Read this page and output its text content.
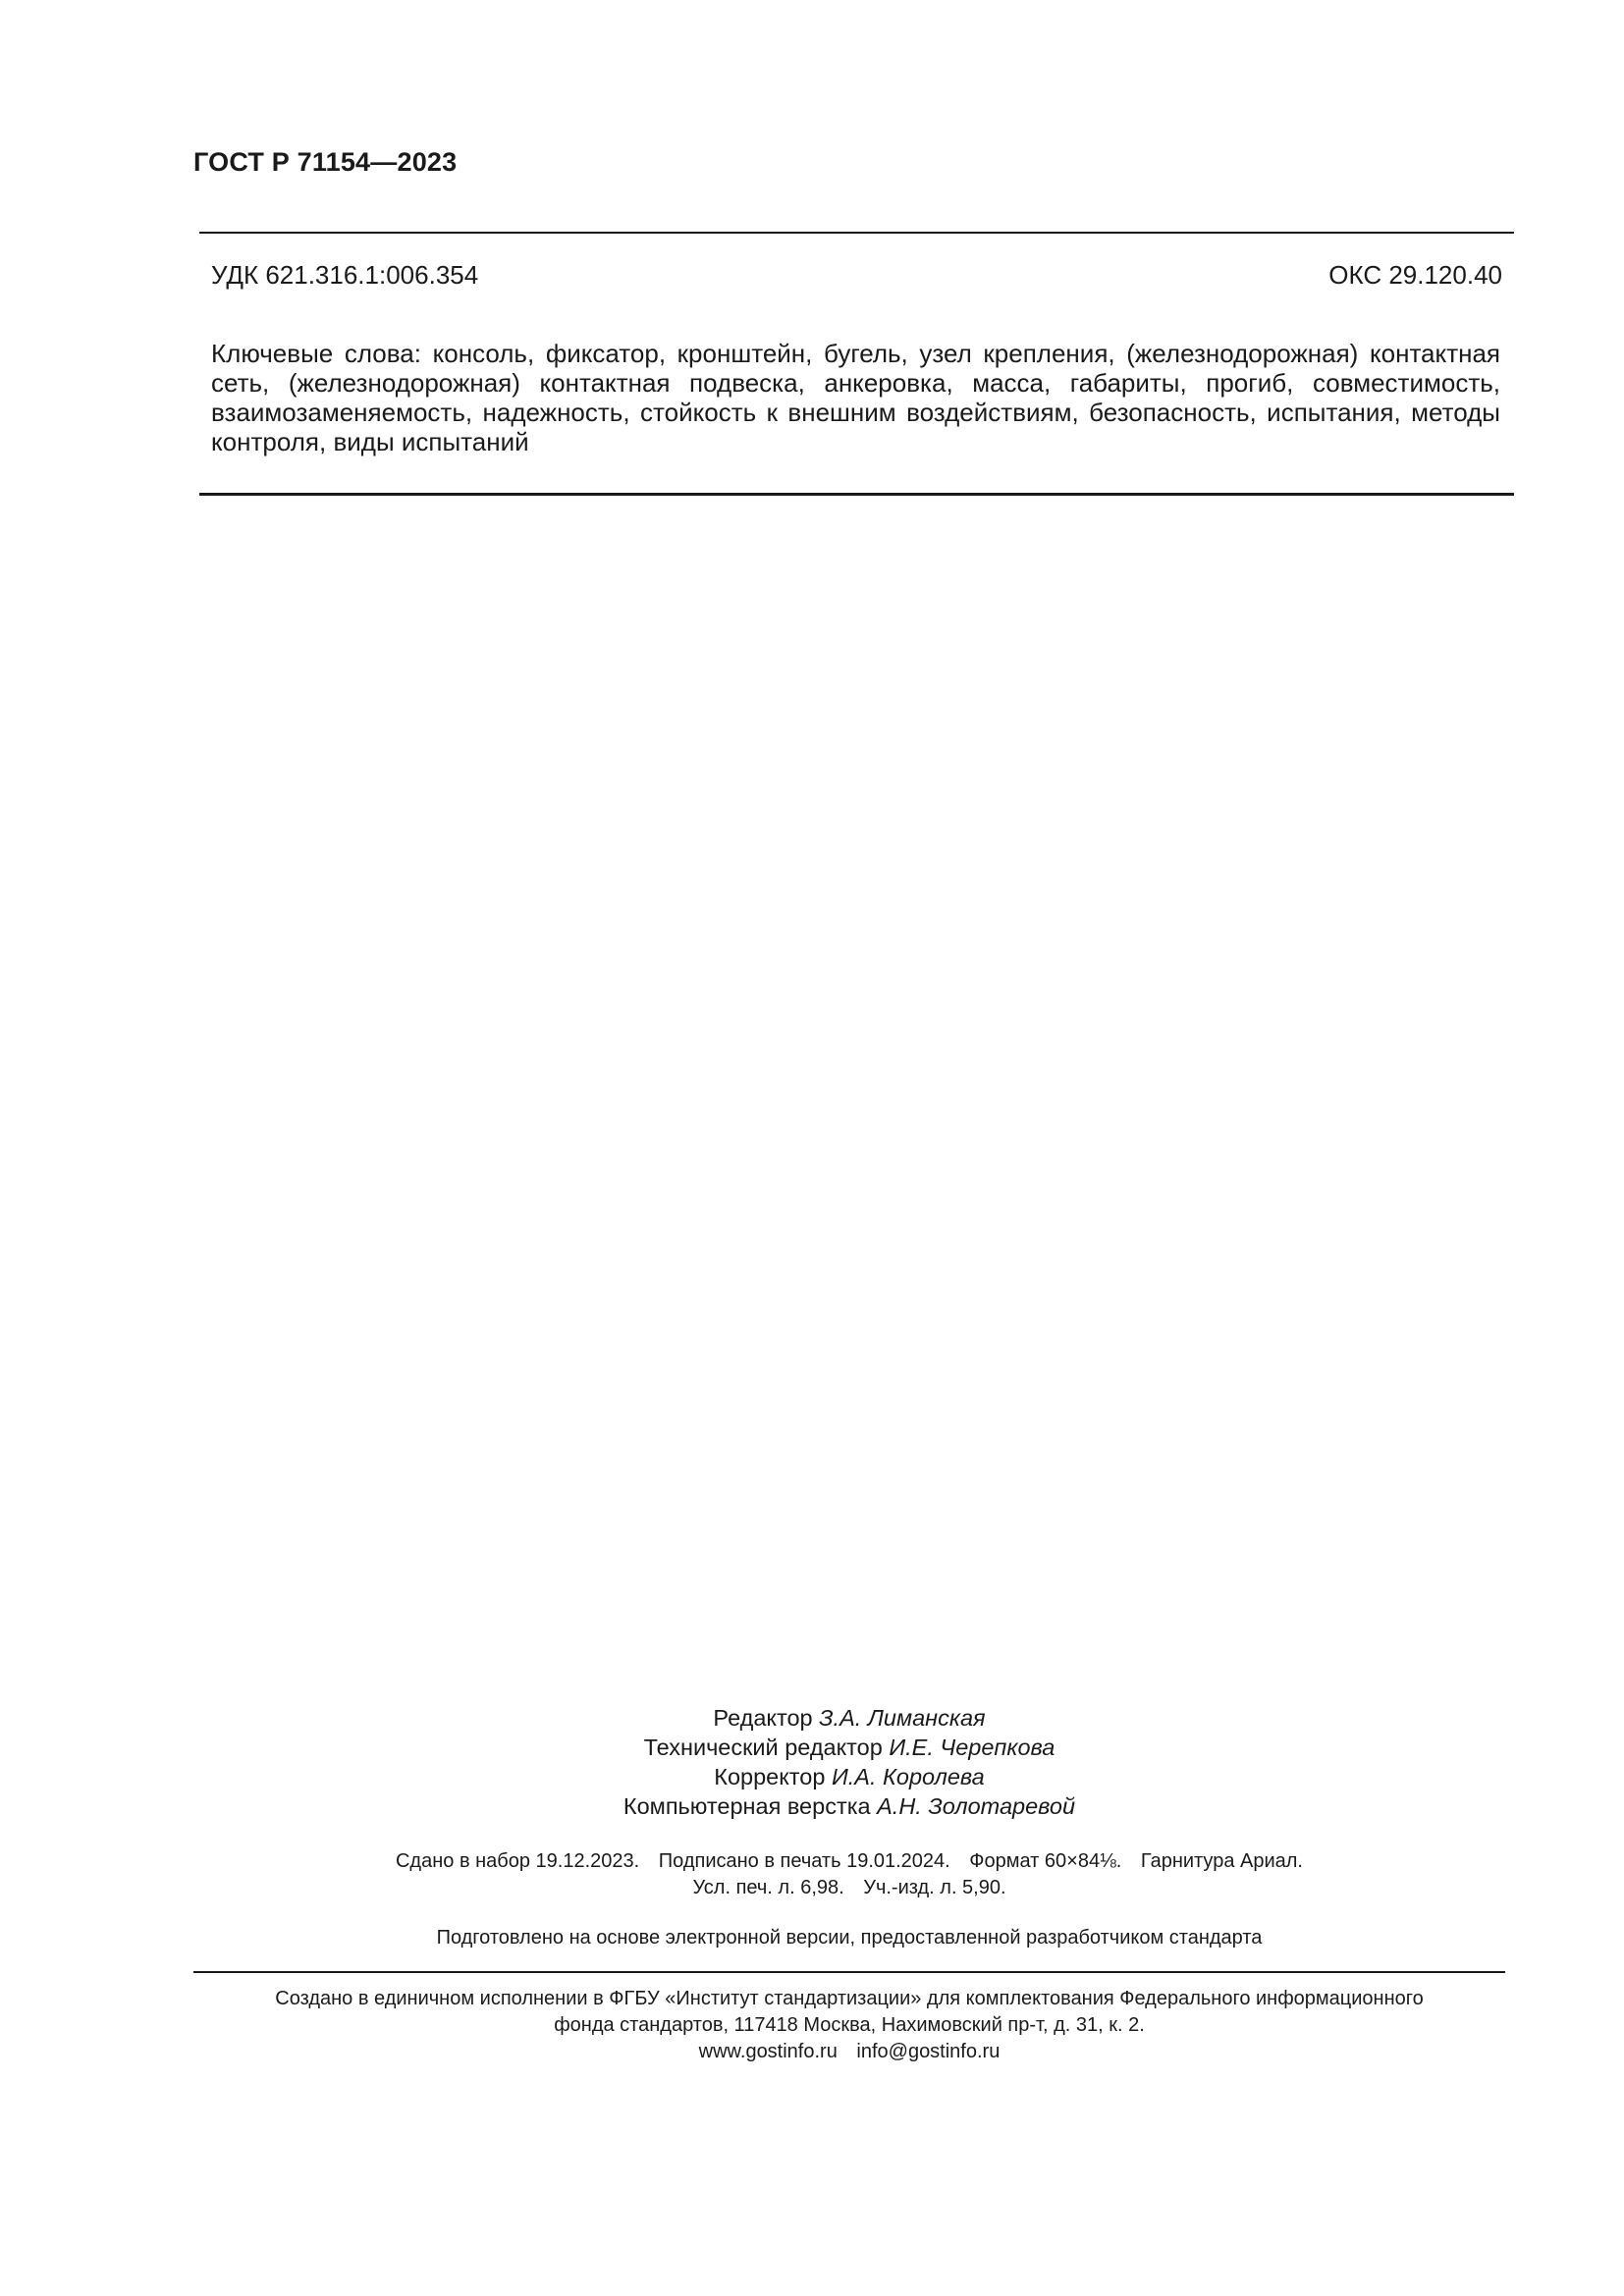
ГОСТ Р 71154—2023
УДК 621.316.1:006.354	ОКС 29.120.40
Ключевые слова: консоль, фиксатор, кронштейн, бугель, узел крепления, (железнодорожная) контактная сеть, (железнодорожная) контактная подвеска, анкеровка, масса, габариты, прогиб, совместимость, взаимозаменяемость, надежность, стойкость к внешним воздействиям, безопасность, испытания, методы контроля, виды испытаний
Редактор З.А. Лиманская
Технический редактор И.Е. Черепкова
Корректор И.А. Королева
Компьютерная верстка А.Н. Золотаревой
Сдано в набор 19.12.2023. Подписано в печать 19.01.2024. Формат 60×84⅛. Гарнитура Ариал.
Усл. печ. л. 6,98. Уч.-изд. л. 5,90.
Подготовлено на основе электронной версии, предоставленной разработчиком стандарта
Создано в единичном исполнении в ФГБУ «Институт стандартизации» для комплектования Федерального информационного
фонда стандартов, 117418 Москва, Нахимовский пр-т, д. 31, к. 2.
www.gostinfo.ru info@gostinfo.ru
